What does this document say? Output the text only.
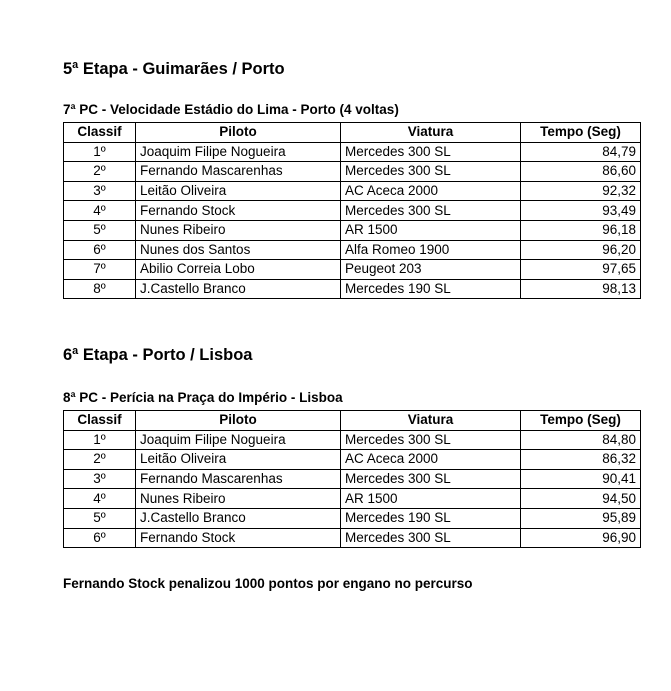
5ª Etapa - Guimarães / Porto
7ª PC - Velocidade Estádio do Lima - Porto (4 voltas)
Classif	Piloto	Viatura	Tempo (Seg)
1º	Joaquim Filipe Nogueira	Mercedes 300 SL	84,79
2º	Fernando Mascarenhas	Mercedes 300 SL	86,60
3º	Leitão Oliveira	AC Aceca 2000	92,32
4º	Fernando Stock	Mercedes 300 SL	93,49
5º	Nunes Ribeiro	AR 1500	96,18
6º	Nunes dos Santos	Alfa Romeo 1900	96,20
7º	Abilio Correia Lobo	Peugeot 203	97,65
8º	J.Castello Branco	Mercedes 190 SL	98,13
6ª Etapa - Porto / Lisboa
8ª PC - Perícia na Praça do Império - Lisboa
Classif	Piloto	Viatura	Tempo (Seg)
1º	Joaquim Filipe Nogueira	Mercedes 300 SL	84,80
2º	Leitão Oliveira	AC Aceca 2000	86,32
3º	Fernando Mascarenhas	Mercedes 300 SL	90,41
4º	Nunes Ribeiro	AR 1500	94,50
5º	J.Castello Branco	Mercedes 190 SL	95,89
6º	Fernando Stock	Mercedes 300 SL	96,90

Fernando Stock penalizou 1000 pontos por engano no percurso
